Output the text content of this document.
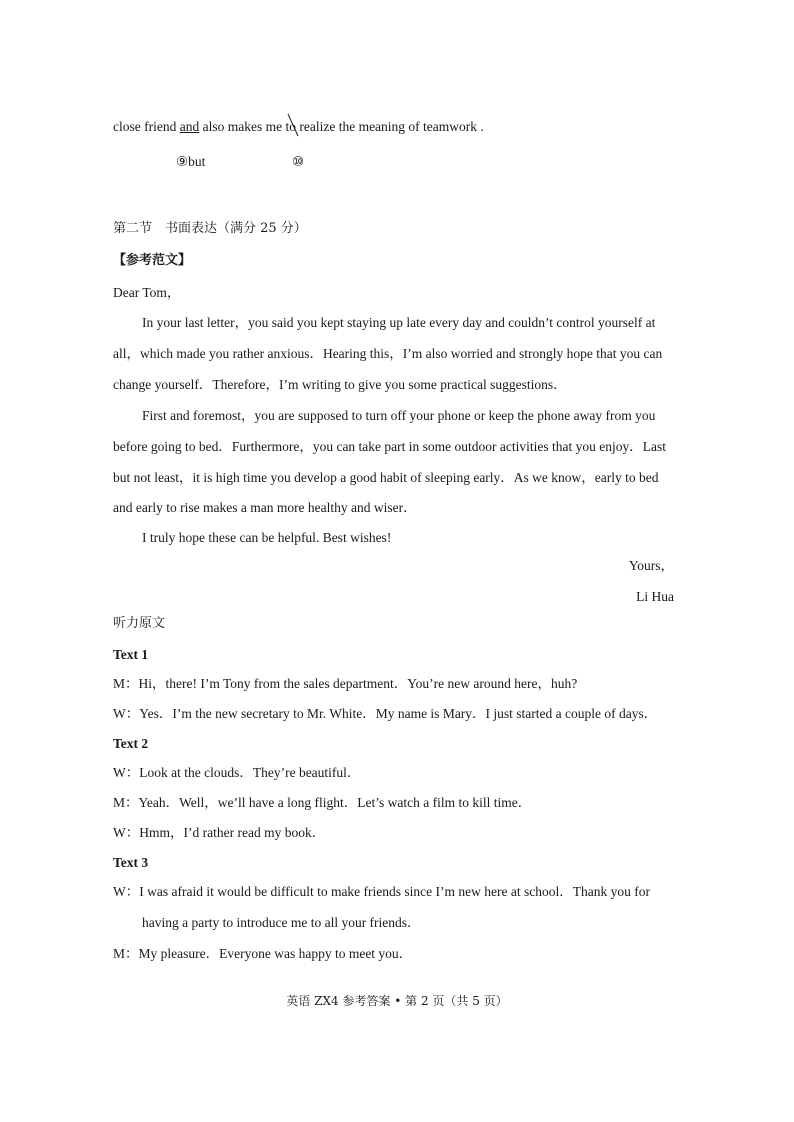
close friend and also makes me to
realize the meaning of teamwork .
⑨but	⑩
第二节　书面表达（满分 25 分）
【参考范文】
Dear Tom，
In your last letter，you said you kept staying up late every day and couldn’t control yourself at
all，which made you rather anxious．Hearing this，I’m also worried and strongly hope that you can
change yourself．Therefore，I’m writing to give you some practical suggestions．
First and foremost，you are supposed to turn off your phone or keep the phone away from you
before going to bed．Furthermore，you can take part in some outdoor activities that you enjoy．Last
but not least，it is high time you develop a good habit of sleeping early．As we know，early to bed
and early to rise makes a man more healthy and wiser．
I truly hope these can be helpful. Best wishes!
Yours，
Li Hua
听力原文
Text 1
M：Hi，there! I’m Tony from the sales department．You’re new around here，huh?
W：Yes．I’m the new secretary to Mr. White．My name is Mary．I just started a couple of days．
Text 2
W：Look at the clouds．They’re beautiful．
M：Yeah．Well，we’ll have a long flight．Let’s watch a film to kill time．
W：Hmm，I’d rather read my book．
Text 3
W：I was afraid it would be difficult to make friends since I’m new here at school．Thank you for
having a party to introduce me to all your friends．
M：My pleasure．Everyone was happy to meet you．
英语 ZX4 参考答案 • 第 2 页（共 5 页）
